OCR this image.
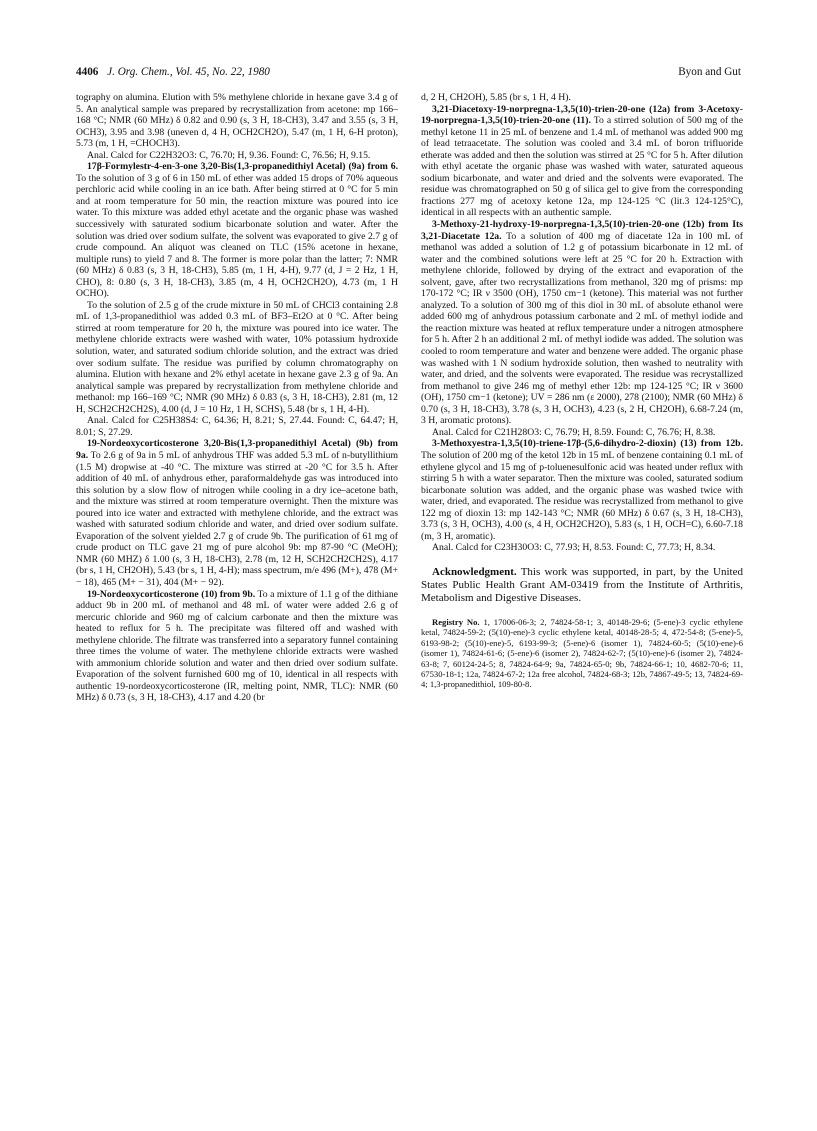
4406 J. Org. Chem., Vol. 45, No. 22, 1980	Byon and Gut

tography on alumina. Elution with 5% methylene chloride in hexane gave 3.4 g of 5. An analytical sample was prepared by recrystallization from acetone: mp 166–168 °C; NMR (60 MHz) δ 0.82 and 0.90 (s, 3 H, 18-CH3), 3.47 and 3.55 (s, 3 H, OCH3), 3.95 and 3.98 (uneven d, 4 H, OCH2CH2O), 5.47 (m, 1 H, 6-H proton), 5.73 (m, 1 H, =CHOCH3).

Anal. Calcd for C22H32O3: C, 76.70; H, 9.36. Found: C, 76.56; H, 9.15.

17β-Formylestr-4-en-3-one 3,20-Bis(1,3-propanedithiyl Acetal) (9a) from 6. To the solution of 3 g of 6 in 150 mL of ether was added 15 drops of 70% aqueous perchloric acid while cooling in an ice bath. After being stirred at 0 °C for 5 min and at room temperature for 50 min, the reaction mixture was poured into ice water. To this mixture was added ethyl acetate and the organic phase was washed successively with saturated sodium bicarbonate solution and water. After the solution was dried over sodium sulfate, the solvent was evaporated to give 2.7 g of crude compound. An aliquot was cleaned on TLC (15% acetone in hexane, multiple runs) to yield 7 and 8. The former is more polar than the latter; 7: NMR (60 MHz) δ 0.83 (s, 3 H, 18-CH3), 5.85 (m, 1 H, 4-H), 9.77 (d, J = 2 Hz, 1 H, CHO), 8: 0.80 (s, 3 H, 18-CH3), 3.85 (m, 4 H, OCH2CH2O), 4.73 (m, 1 H OCHO).

To the solution of 2.5 g of the crude mixture in 50 mL of CHCl3 containing 2.8 mL of 1,3-propanedithiol was added 0.3 mL of BF3–Et2O at 0 °C. After being stirred at room temperature for 20 h, the mixture was poured into ice water. The methylene chloride extracts were washed with water, 10% potassium hydroxide solution, water, and saturated sodium chloride solution, and the extract was dried over sodium sulfate. The residue was purified by column chromatography on alumina. Elution with hexane and 2% ethyl acetate in hexane gave 2.3 g of 9a. An analytical sample was prepared by recrystallization from methylene chloride and methanol: mp 166–169 °C; NMR (90 MHz) δ 0.83 (s, 3 H, 18-CH3), 2.81 (m, 12 H, SCH2CH2CH2S), 4.00 (d, J = 10 Hz, 1 H, SCHS), 5.48 (br s, 1 H, 4-H).

Anal. Calcd for C25H38S4: C, 64.36; H, 8.21; S, 27.44. Found: C, 64.47; H, 8.01; S, 27.29.

19-Nordeoxycorticosterone 3,20-Bis(1,3-propanedithiyl Acetal) (9b) from 9a. To 2.6 g of 9a in 5 mL of anhydrous THF was added 5.3 mL of n-butyllithium (1.5 M) dropwise at -40 °C. The mixture was stirred at -20 °C for 3.5 h. After addition of 40 mL of anhydrous ether, paraformaldehyde gas was introduced into this solution by a slow flow of nitrogen while cooling in a dry ice–acetone bath, and the mixture was stirred at room temperature overnight. Then the mixture was poured into ice water and extracted with methylene chloride, and the extract was washed with saturated sodium chloride and water, and dried over sodium sulfate. Evaporation of the solvent yielded 2.7 g of crude 9b. The purification of 61 mg of crude product on TLC gave 21 mg of pure alcohol 9b: mp 87-90 °C (MeOH); NMR (60 MHZ) δ 1.00 (s, 3 H, 18-CH3), 2.78 (m, 12 H, SCH2CH2CH2S), 4.17 (br s, 1 H, CH2OH), 5.43 (br s, 1 H, 4-H); mass spectrum, m/e 496 (M+), 478 (M+ − 18), 465 (M+ − 31), 404 (M+ − 92).

19-Nordeoxycorticosterone (10) from 9b. To a mixture of 1.1 g of the dithiane adduct 9b in 200 mL of methanol and 48 mL of water were added 2.6 g of mercuric chloride and 960 mg of calcium carbonate and then the mixture was heated to reflux for 5 h. The precipitate was filtered off and washed with methylene chloride. The filtrate was transferred into a separatory funnel containing three times the volume of water. The methylene chloride extracts were washed with ammonium chloride solution and water and then dried over sodium sulfate. Evaporation of the solvent furnished 600 mg of 10, identical in all respects with authentic 19-nordeoxycorticosterone (IR, melting point, NMR, TLC): NMR (60 MHz) δ 0.73 (s, 3 H, 18-CH3), 4.17 and 4.20 (br

d, 2 H, CH2OH), 5.85 (br s, 1 H, 4 H).

3,21-Diacetoxy-19-norpregna-1,3,5(10)-trien-20-one (12a) from 3-Acetoxy-19-norpregna-1,3,5(10)-trien-20-one (11). To a stirred solution of 500 mg of the methyl ketone 11 in 25 mL of benzene and 1.4 mL of methanol was added 900 mg of lead tetraacetate. The solution was cooled and 3.4 mL of boron trifluoride etherate was added and then the solution was stirred at 25 °C for 5 h. After dilution with ethyl acetate the organic phase was washed with water, saturated aqueous sodium bicarbonate, and water and dried and the solvents were evaporated. The residue was chromatographed on 50 g of silica gel to give from the corresponding fractions 277 mg of acetoxy ketone 12a, mp 124-125 °C (lit.3 124-125°C), identical in all respects with an authentic sample.

3-Methoxy-21-hydroxy-19-norpregna-1,3,5(10)-trien-20-one (12b) from Its 3,21-Diacetate 12a. To a solution of 400 mg of diacetate 12a in 100 mL of methanol was added a solution of 1.2 g of potassium bicarbonate in 12 mL of water and the combined solutions were left at 25 °C for 20 h. Extraction with methylene chloride, followed by drying of the extract and evaporation of the solvent, gave, after two recrystallizations from methanol, 320 mg of prisms: mp 170-172 °C; IR ν 3500 (OH), 1750 cm−1 (ketone). This material was not further analyzed. To a solution of 300 mg of this diol in 30 mL of absolute ethanol were added 600 mg of anhydrous potassium carbonate and 2 mL of methyl iodide and the reaction mixture was heated at reflux temperature under a nitrogen atmosphere for 5 h. After 2 h an additional 2 mL of methyl iodide was added. The solution was cooled to room temperature and water and benzene were added. The organic phase was washed with 1 N sodium hydroxide solution, then washed to neutrality with water, and dried, and the solvents were evaporated. The residue was recrystallized from methanol to give 246 mg of methyl ether 12b: mp 124-125 °C; IR ν 3600 (OH), 1750 cm−1 (ketone); UV = 286 nm (ε 2000), 278 (2100); NMR (60 MHz) δ 0.70 (s, 3 H, 18-CH3), 3.78 (s, 3 H, OCH3), 4.23 (s, 2 H, CH2OH), 6.68-7.24 (m, 3 H, aromatic protons).

Anal. Calcd for C21H28O3: C, 76.79; H, 8.59. Found: C, 76.76; H, 8.38.

3-Methoxyestra-1,3,5(10)-triene-17β-(5,6-dihydro-2-dioxin) (13) from 12b. The solution of 200 mg of the ketol 12b in 15 mL of benzene containing 0.1 mL of ethylene glycol and 15 mg of p-toluenesulfonic acid was heated under reflux with stirring 5 h with a water separator. Then the mixture was cooled, saturated sodium bicarbonate solution was added, and the organic phase was washed twice with water, dried, and evaporated. The residue was recrystallized from methanol to give 122 mg of dioxin 13: mp 142-143 °C; NMR (60 MHz) δ 0.67 (s, 3 H, 18-CH3), 3.73 (s, 3 H, OCH3), 4.00 (s, 4 H, OCH2CH2O), 5.83 (s, 1 H, OCH=C), 6.60-7.18 (m, 3 H, aromatic).

Anal. Calcd for C23H30O3: C, 77.93; H, 8.53. Found: C, 77.73; H, 8.34.

Acknowledgment. This work was supported, in part, by the United States Public Health Grant AM-03419 from the Institute of Arthritis, Metabolism and Digestive Diseases.

Registry No. 1, 17006-06-3; 2, 74824-58-1; 3, 40148-29-6; (5-ene)-3 cyclic ethylene ketal, 74824-59-2; (5(10)-ene)-3 cyclic ethylene ketal, 40148-28-5; 4, 472-54-8; (5-ene)-5, 6193-98-2; (5(10)-ene)-5, 6193-99-3; (5-ene)-6 (isomer 1), 74824-60-5; (5(10)-ene)-6 (isomer 1), 74824-61-6; (5-ene)-6 (isomer 2), 74824-62-7; (5(10)-ene)-6 (isomer 2), 74824-63-8; 7, 60124-24-5; 8, 74824-64-9; 9a, 74824-65-0; 9b, 74824-66-1; 10, 4682-70-6; 11, 67530-18-1; 12a, 74824-67-2; 12a free alcohol, 74824-68-3; 12b, 74867-49-5; 13, 74824-69-4; 1,3-propanedithiol, 109-80-8.
